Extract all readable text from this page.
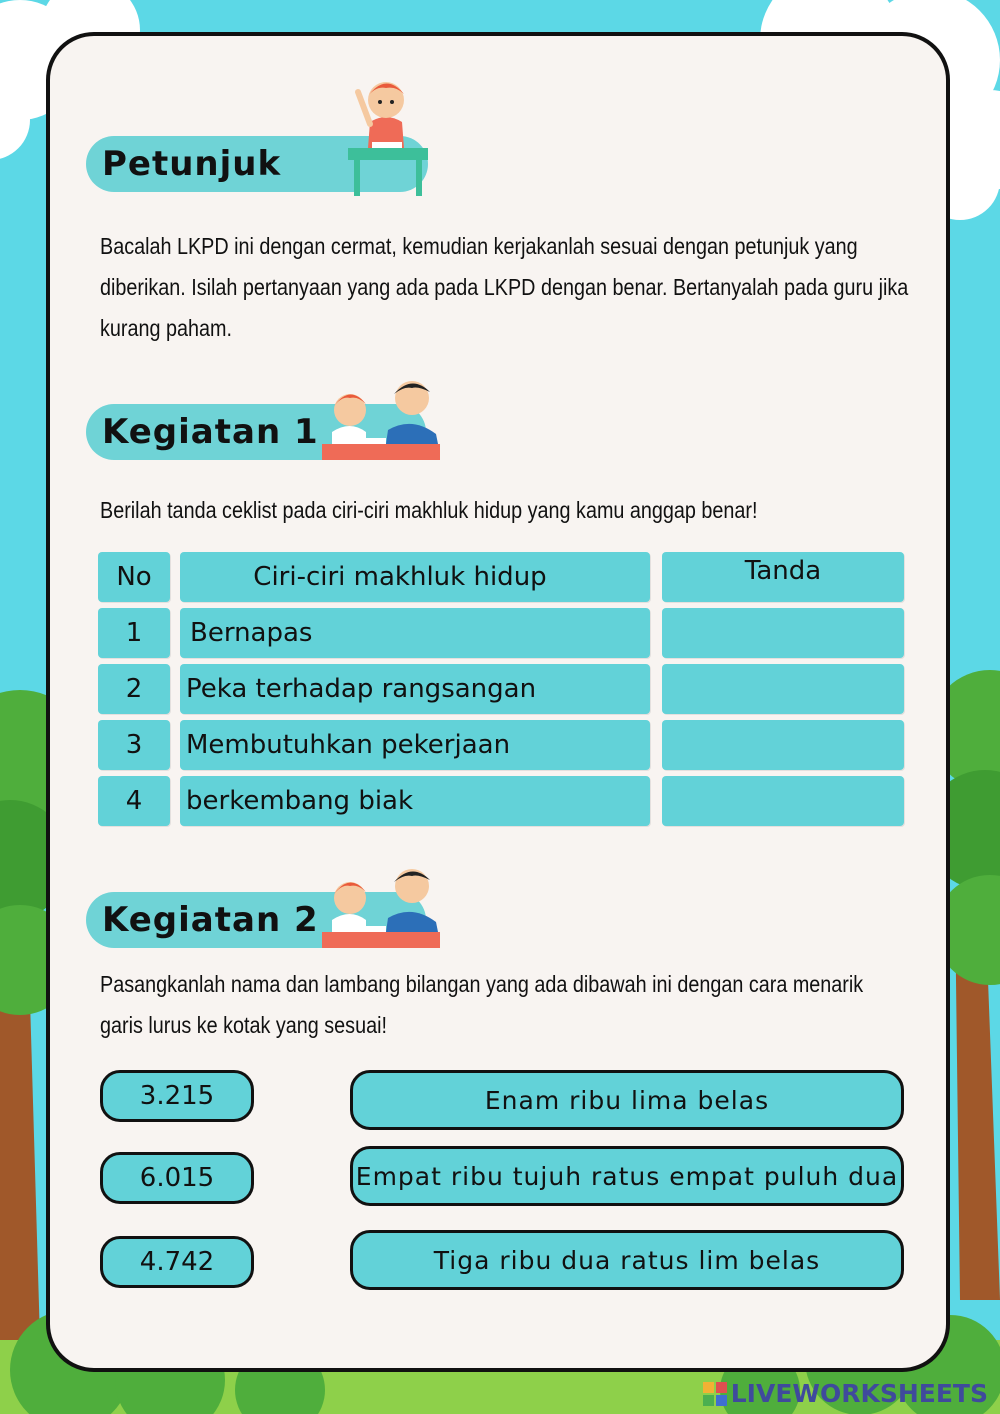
Petunjuk

Bacalah LKPD ini dengan cermat, kemudian kerjakanlah sesuai dengan petunjuk yang diberikan. Isilah pertanyaan yang ada pada LKPD dengan benar. Bertanyalah pada guru jika kurang paham.

Kegiatan 1

Berilah tanda ceklist pada ciri-ciri makhluk hidup yang kamu anggap benar!

No	Ciri-ciri makhluk hidup	Tanda
1	Bernapas
2	Peka terhadap rangsangan
3	Membutuhkan pekerjaan
4	berkembang biak
Kegiatan 2

Pasangkanlah nama dan lambang bilangan yang ada dibawah ini dengan cara menarik garis lurus ke kotak yang sesuai!

3.215
6.015
4.742
Enam ribu lima belas
Empat ribu tujuh ratus empat puluh dua
Tiga ribu dua ratus lim belas
LIVEWORKSHEETS
